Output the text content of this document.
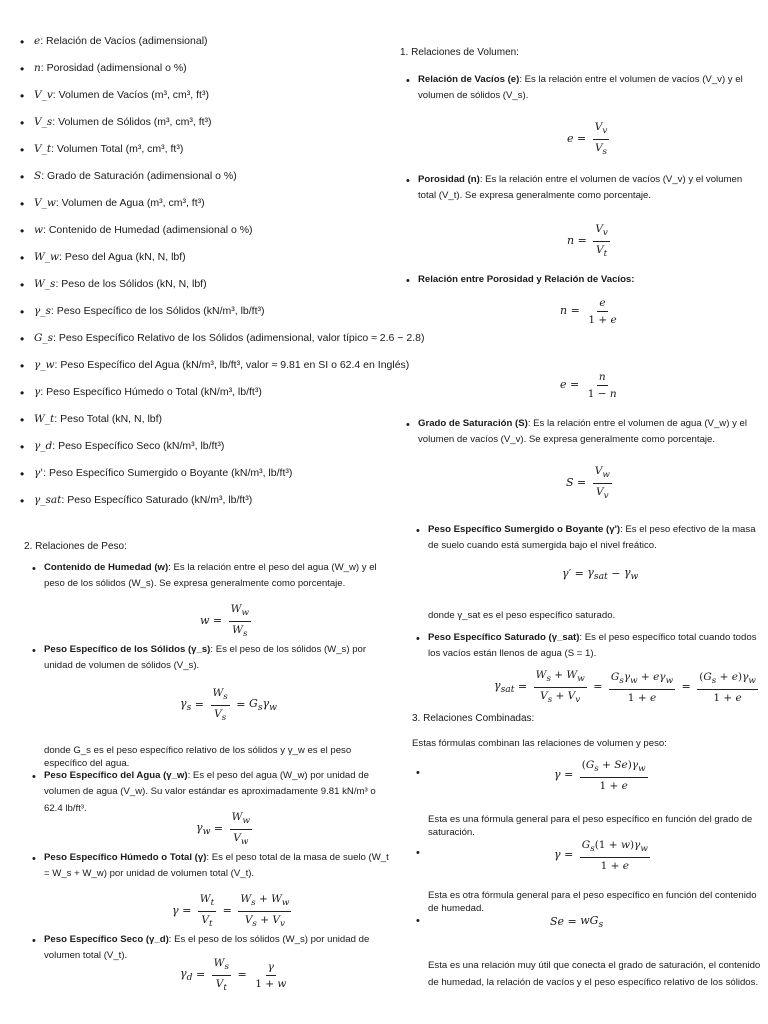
• e: Relación de Vacíos (adimensional)
• n: Porosidad (adimensional o %)
• V_v: Volumen de Vacíos (m³, cm³, ft³)
• V_s: Volumen de Sólidos (m³, cm³, ft³)
• V_t: Volumen Total (m³, cm³, ft³)
• S: Grado de Saturación (adimensional o %)
• V_w: Volumen de Agua (m³, cm³, ft³)
• w: Contenido de Humedad (adimensional o %)
• W_w: Peso del Agua (kN, N, lbf)
• W_s: Peso de los Sólidos (kN, N, lbf)
• γ_s: Peso Específico de los Sólidos (kN/m³, lb/ft³)
• G_s: Peso Específico Relativo de los Sólidos (adimensional, valor típico ≈ 2.6 − 2.8)
• γ_w: Peso Específico del Agua (kN/m³, lb/ft³, valor ≈ 9.81 en SI o 62.4 en Inglés)
• γ: Peso Específico Húmedo o Total (kN/m³, lb/ft³)
• W_t: Peso Total (kN, N, lbf)
• γ_d: Peso Específico Seco (kN/m³, lb/ft³)
• γ': Peso Específico Sumergido o Boyante (kN/m³, lb/ft³)
• γ_sat: Peso Específico Saturado (kN/m³, lb/ft³)
2. Relaciones de Peso:
• Contenido de Humedad (w): Es la relación entre el peso del agua (W_w) y el peso de los sólidos (W_s). Se expresa generalmente como porcentaje.
$w = \frac{W_w}{W_s}$
• Peso Específico de los Sólidos (γ_s): Es el peso de los sólidos (W_s) por unidad de volumen de sólidos (V_s).
$\gamma_s = \frac{W_s}{V_s} = G_s\gamma_w$
donde G_s es el peso específico relativo de los sólidos y γ_w es el peso específico del agua.
• Peso Específico del Agua (γ_w): Es el peso del agua (W_w) por unidad de volumen de agua (V_w). Su valor estándar es aproximadamente 9.81 kN/m³ o 62.4 lb/ft³.
$\gamma_w = \frac{W_w}{V_w}$
• Peso Específico Húmedo o Total (γ): Es el peso total de la masa de suelo (W_t = W_s + W_w) por unidad de volumen total (V_t).
$\gamma = \frac{W_t}{V_t} = \frac{W_s + W_w}{V_s + V_v}$
• Peso Específico Seco (γ_d): Es el peso de los sólidos (W_s) por unidad de volumen total (V_t).
$\gamma_d = \frac{W_s}{V_t} = \frac{\gamma}{1 + w}$
1. Relaciones de Volumen:
• Relación de Vacíos (e): Es la relación entre el volumen de vacíos (V_v) y el volumen de sólidos (V_s).
$e = \frac{V_v}{V_s}$
• Porosidad (n): Es la relación entre el volumen de vacíos (V_v) y el volumen total (V_t). Se expresa generalmente como porcentaje.
$n = \frac{V_v}{V_t}$
• Relación entre Porosidad y Relación de Vacíos:
$n = \frac{e}{1 + e}$
$e = \frac{n}{1 - n}$
• Grado de Saturación (S): Es la relación entre el volumen de agua (V_w) y el volumen de vacíos (V_v). Se expresa generalmente como porcentaje.
$S = \frac{V_w}{V_v}$
• Peso Específico Sumergido o Boyante (γ'): Es el peso efectivo de la masa de suelo cuando está sumergida bajo el nivel freático.
$\gamma' = \gamma_{sat} - \gamma_w$
donde γ_sat es el peso específico saturado.
• Peso Específico Saturado (γ_sat): Es el peso específico total cuando todos los vacíos están llenos de agua (S = 1).
$\gamma_{sat} = \frac{W_s + W_w}{V_s + V_v} = \frac{G_s\gamma_w + e\gamma_w}{1 + e} = \frac{(G_s + e)\gamma_w}{1 + e}$
3. Relaciones Combinadas:
Estas fórmulas combinan las relaciones de volumen y peso:
•	$\gamma = \frac{(G_s + Se)\gamma_w}{1 + e}$
Esta es una fórmula general para el peso específico en función del grado de saturación.
•	$\gamma = \frac{G_s(1 + w)\gamma_w}{1 + e}$
Esta es otra fórmula general para el peso específico en función del contenido de humedad.
•	$Se = wG_s$
Esta es una relación muy útil que conecta el grado de saturación, el contenido de humedad, la relación de vacíos y el peso específico relativo de los sólidos.
